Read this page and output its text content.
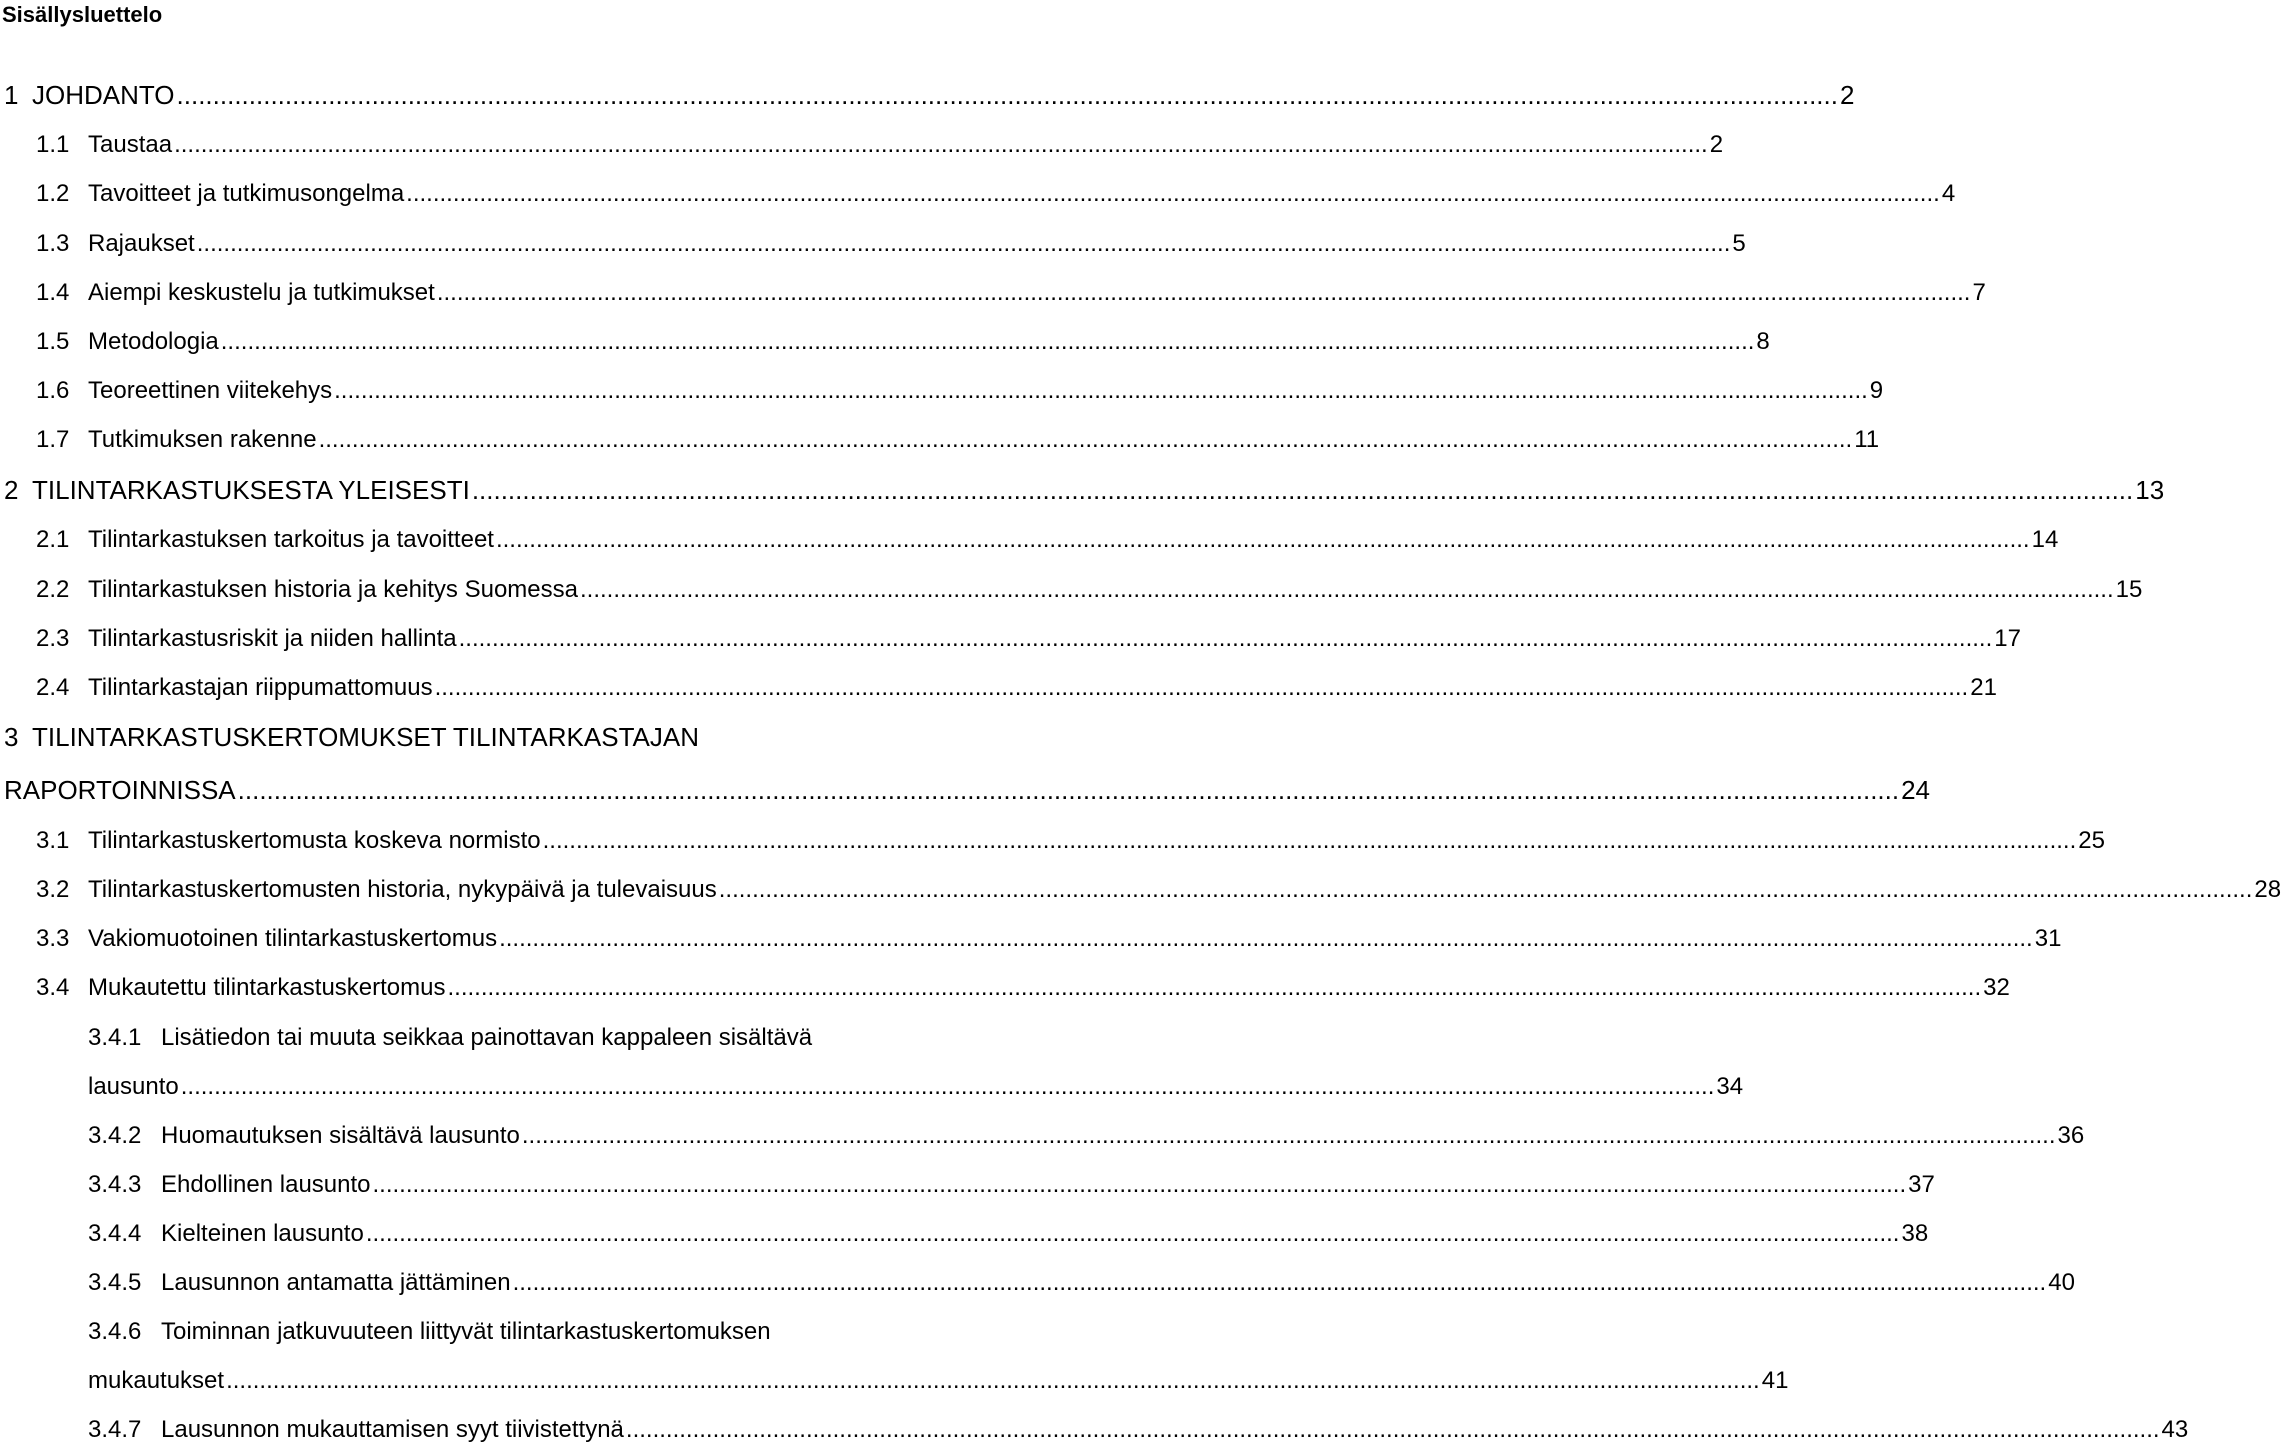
Sisällysluettelo
1 JOHDANTO ...................................................................................................................................................................................................................................... 2
1.1 Taustaa ...................................................................................................................................................................................................................................... 2
1.2 Tavoitteet ja tutkimusongelma ...................................................................................................................................................................................................................................... 4
1.3 Rajaukset ...................................................................................................................................................................................................................................... 5
1.4 Aiempi keskustelu ja tutkimukset ...................................................................................................................................................................................................................................... 7
1.5 Metodologia ...................................................................................................................................................................................................................................... 8
1.6 Teoreettinen viitekehys ...................................................................................................................................................................................................................................... 9
1.7 Tutkimuksen rakenne ...................................................................................................................................................................................................................................... 11
2 TILINTARKASTUKSESTA YLEISESTI ...................................................................................................................................................................................................................................... 13
2.1 Tilintarkastuksen tarkoitus ja tavoitteet ...................................................................................................................................................................................................................................... 14
2.2 Tilintarkastuksen historia ja kehitys Suomessa ...................................................................................................................................................................................................................................... 15
2.3 Tilintarkastusriskit ja niiden hallinta ...................................................................................................................................................................................................................................... 17
2.4 Tilintarkastajan riippumattomuus ...................................................................................................................................................................................................................................... 21
3 TILINTARKASTUSKERTOMUKSET TILINTARKASTAJAN
RAPORTOINNISSA ...................................................................................................................................................................................................................................... 24
3.1 Tilintarkastuskertomusta koskeva normisto ...................................................................................................................................................................................................................................... 25
3.2 Tilintarkastuskertomusten historia, nykypäivä ja tulevaisuus ...................................................................................................................................................................................................................................... 28
3.3 Vakiomuotoinen tilintarkastuskertomus ...................................................................................................................................................................................................................................... 31
3.4 Mukautettu tilintarkastuskertomus ...................................................................................................................................................................................................................................... 32
3.4.1 Lisätiedon tai muuta seikkaa painottavan kappaleen sisältävä
lausunto ...................................................................................................................................................................................................................................... 34
3.4.2 Huomautuksen sisältävä lausunto ...................................................................................................................................................................................................................................... 36
3.4.3 Ehdollinen lausunto ...................................................................................................................................................................................................................................... 37
3.4.4 Kielteinen lausunto ...................................................................................................................................................................................................................................... 38
3.4.5 Lausunnon antamatta jättäminen ...................................................................................................................................................................................................................................... 40
3.4.6 Toiminnan jatkuvuuteen liittyvät tilintarkastuskertomuksen
mukautukset ...................................................................................................................................................................................................................................... 41
3.4.7 Lausunnon mukauttamisen syyt tiivistettynä ...................................................................................................................................................................................................................................... 43
